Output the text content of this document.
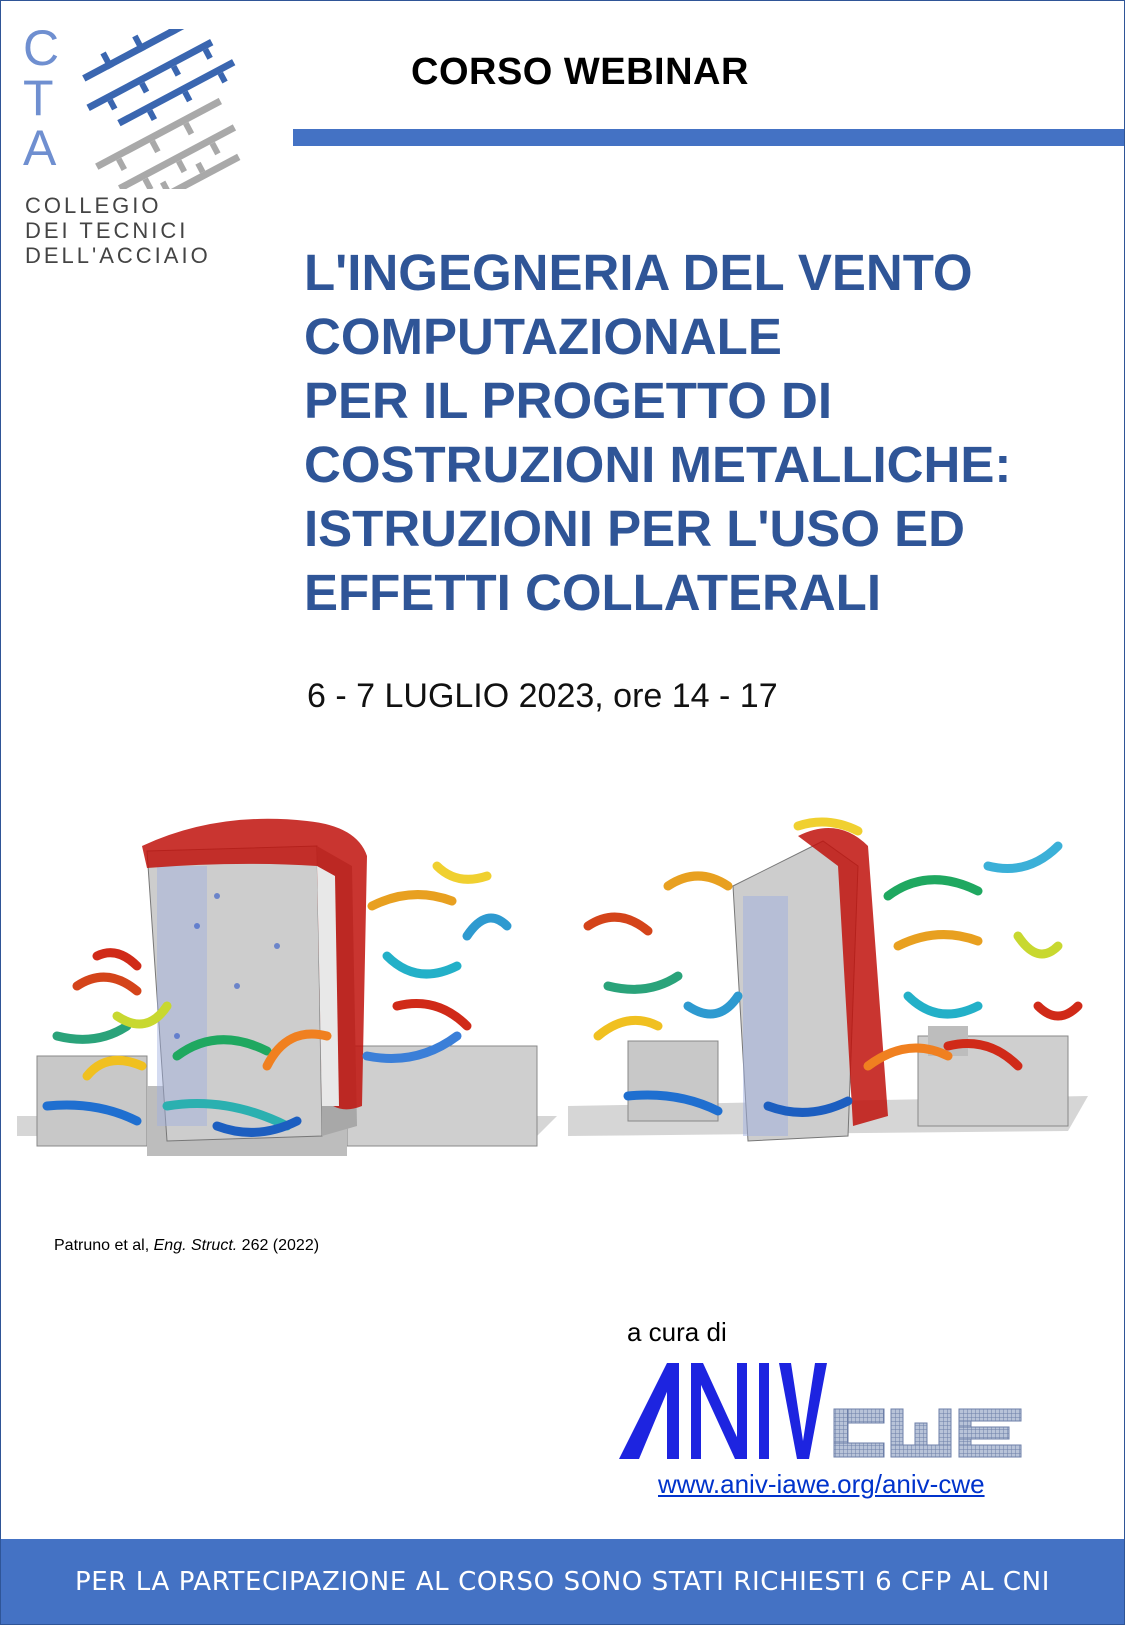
C
T
A
COLLEGIO
DEI TECNICI
DELL'ACCIAIO
CORSO WEBINAR
L'INGEGNERIA DEL VENTO
COMPUTAZIONALE
PER IL PROGETTO DI
COSTRUZIONI METALLICHE:
ISTRUZIONI PER L'USO ED
EFFETTI COLLATERALI
6 - 7 LUGLIO 2023, ore 14 - 17
Patruno et al, Eng. Struct. 262 (2022)
a cura di
www.aniv-iawe.org/aniv-cwe
PER LA PARTECIPAZIONE AL CORSO SONO STATI RICHIESTI 6 CFP AL CNI
